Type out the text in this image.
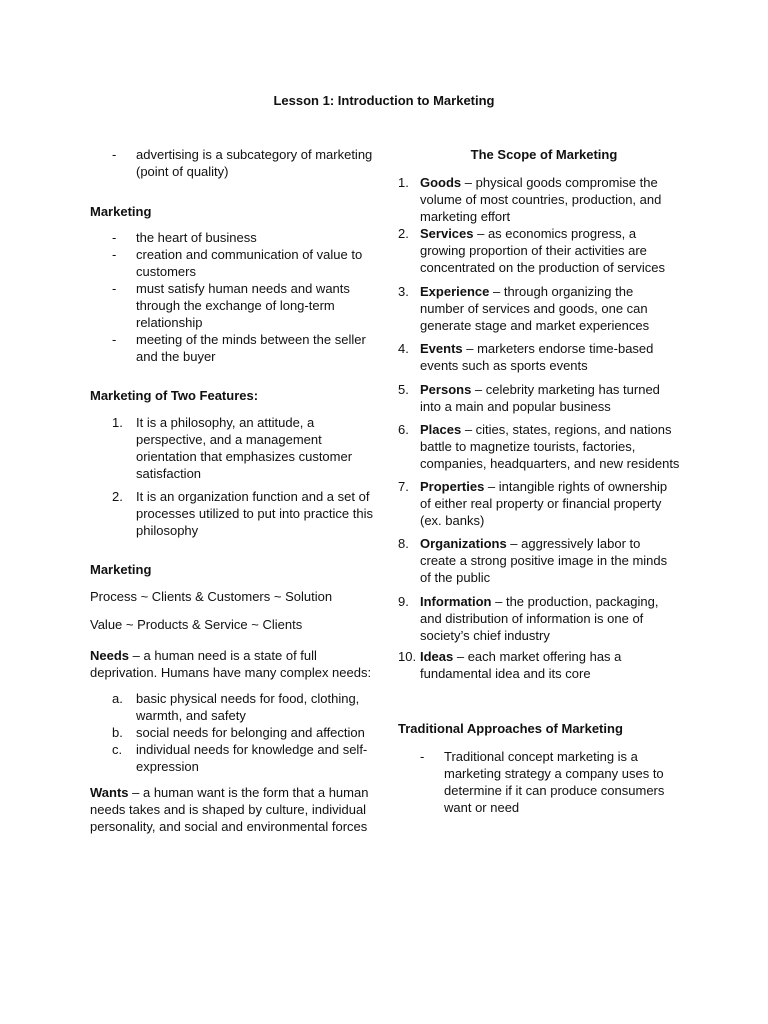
Lesson 1: Introduction to Marketing
- advertising is a subcategory of marketing (point of quality)
Marketing
- the heart of business
- creation and communication of value to customers
- must satisfy human needs and wants through the exchange of long-term relationship
- meeting of the minds between the seller and the buyer
Marketing of Two Features:
1. It is a philosophy, an attitude, a perspective, and a management orientation that emphasizes customer satisfaction
2. It is an organization function and a set of processes utilized to put into practice this philosophy
Marketing

Process ~ Clients & Customers ~ Solution

Value ~ Products & Service ~ Clients

Needs – a human need is a state of full deprivation. Humans have many complex needs:

a. basic physical needs for food, clothing, warmth, and safety
b. social needs for belonging and affection
c. individual needs for knowledge and self-expression

Wants – a human want is the form that a human needs takes and is shaped by culture, individual personality, and social and environmental forces

The Scope of Marketing
1. Goods – physical goods compromise the volume of most countries, production, and marketing effort
2. Services – as economics progress, a growing proportion of their activities are concentrated on the production of services
3. Experience – through organizing the number of services and goods, one can generate stage and market experiences
4. Events – marketers endorse time-based events such as sports events
5. Persons – celebrity marketing has turned into a main and popular business
6. Places – cities, states, regions, and nations battle to magnetize tourists, factories, companies, headquarters, and new residents
7. Properties – intangible rights of ownership of either real property or financial property (ex. banks)
8. Organizations – aggressively labor to create a strong positive image in the minds of the public
9. Information – the production, packaging, and distribution of information is one of society’s chief industry
10. Ideas – each market offering has a fundamental idea and its core
Traditional Approaches of Marketing
- Traditional concept marketing is a marketing strategy a company uses to determine if it can produce consumers want or need
